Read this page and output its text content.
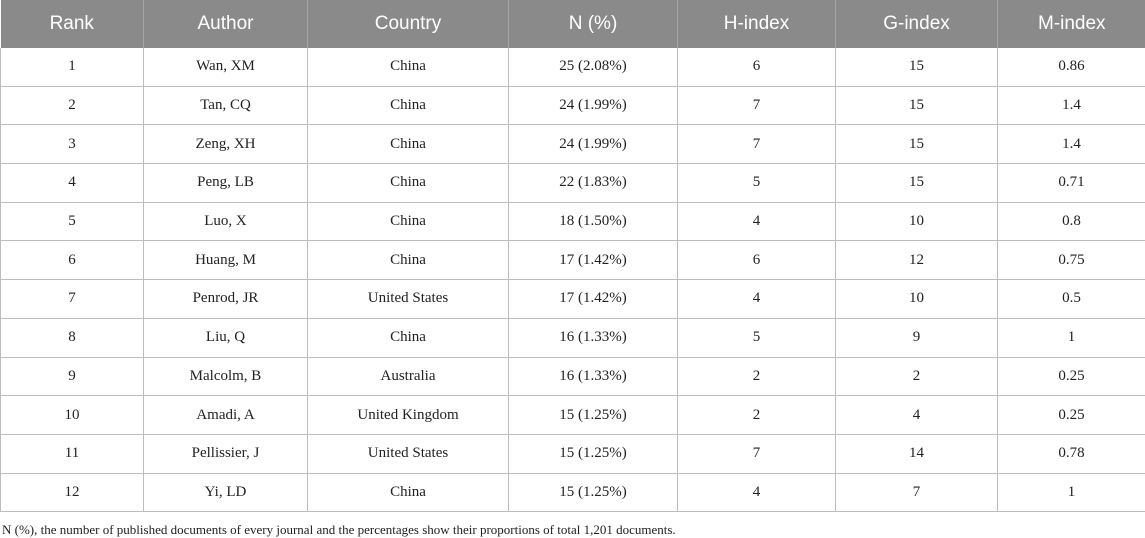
Rank	Author	Country	N (%)	H-index	G-index	M-index
1	Wan, XM	China	25 (2.08%)	6	15	0.86
2	Tan, CQ	China	24 (1.99%)	7	15	1.4
3	Zeng, XH	China	24 (1.99%)	7	15	1.4
4	Peng, LB	China	22 (1.83%)	5	15	0.71
5	Luo, X	China	18 (1.50%)	4	10	0.8
6	Huang, M	China	17 (1.42%)	6	12	0.75
7	Penrod, JR	United States	17 (1.42%)	4	10	0.5
8	Liu, Q	China	16 (1.33%)	5	9	1
9	Malcolm, B	Australia	16 (1.33%)	2	2	0.25
10	Amadi, A	United Kingdom	15 (1.25%)	2	4	0.25
11	Pellissier, J	United States	15 (1.25%)	7	14	0.78
12	Yi, LD	China	15 (1.25%)	4	7	1
N (%), the number of published documents of every journal and the percentages show their proportions of total 1,201 documents.
